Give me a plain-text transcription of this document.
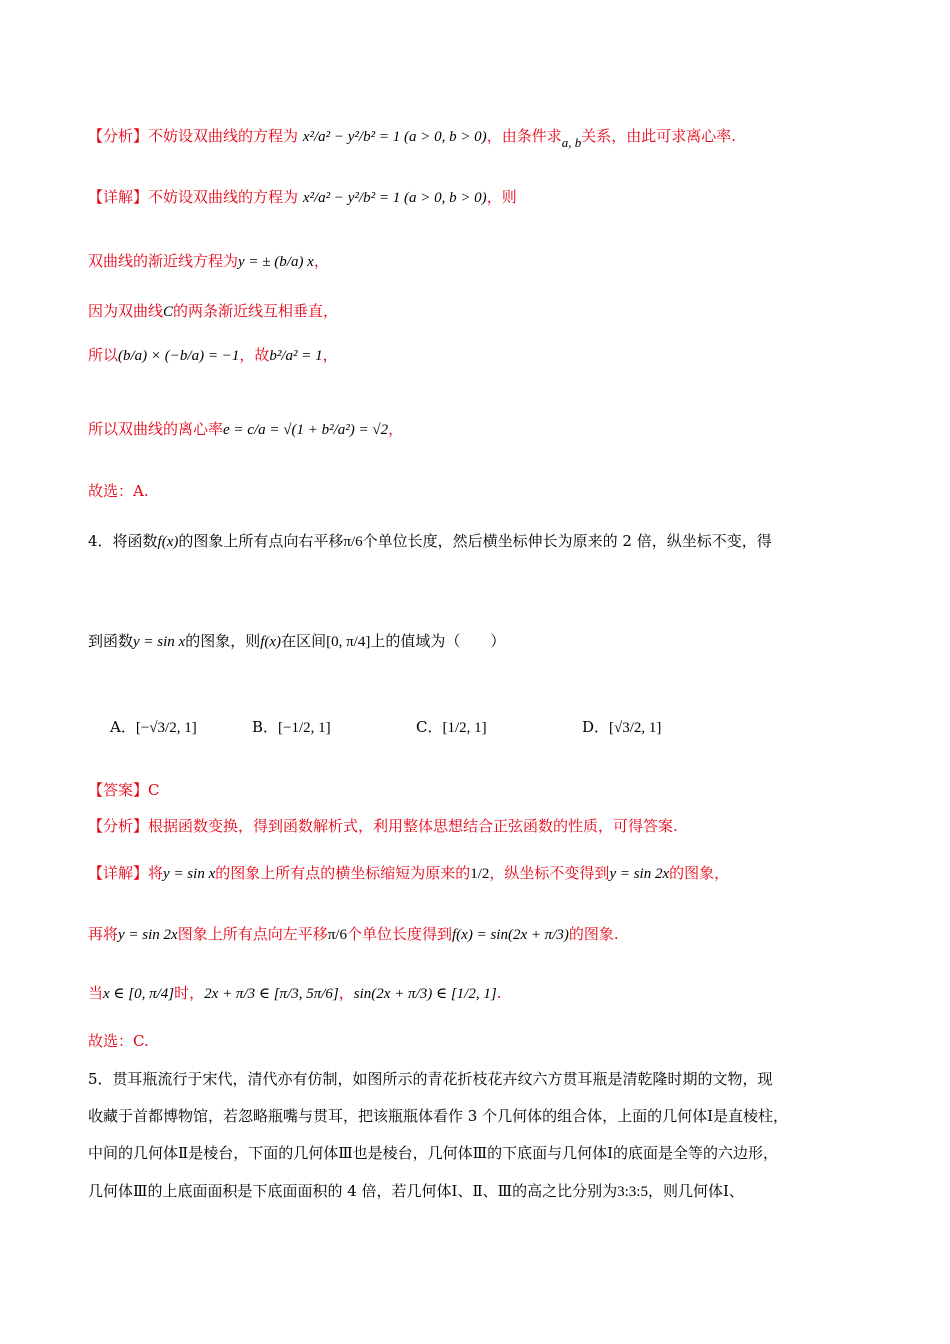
【分析】不妨设双曲线的方程为 x²/a² − y²/b² = 1 (a > 0, b > 0)，由条件求a, b关系，由此可求离心率.
【详解】不妨设双曲线的方程为 x²/a² − y²/b² = 1 (a > 0, b > 0)，则
双曲线的渐近线方程为y = ± (b/a) x，
因为双曲线C的两条渐近线互相垂直，
所以(b/a) × (−b/a) = −1，故b²/a² = 1，
所以双曲线的离心率e = c/a = √(1 + b²/a²) = √2，
故选：A.
4．将函数f(x)的图象上所有点向右平移π/6个单位长度，然后横坐标伸长为原来的 2 倍，纵坐标不变，得
到函数y = sin x的图象，则f(x)在区间[0, π/4]上的值域为（　　）
A．[−√3/2, 1]	B．[−1/2, 1]	C．[1/2, 1]	D．[√3/2, 1]
【答案】C
【分析】根据函数变换，得到函数解析式，利用整体思想结合正弦函数的性质，可得答案.
【详解】将y = sin x的图象上所有点的横坐标缩短为原来的1/2，纵坐标不变得到y = sin 2x的图象，
再将y = sin 2x图象上所有点向左平移π/6个单位长度得到f(x) = sin(2x + π/3)的图象.
当x ∈ [0, π/4]时，2x + π/3 ∈ [π/3, 5π/6]，sin(2x + π/3) ∈ [1/2, 1].
故选：C.
5．贯耳瓶流行于宋代，清代亦有仿制，如图所示的青花折枝花卉纹六方贯耳瓶是清乾隆时期的文物，现
收藏于首都博物馆，若忽略瓶嘴与贯耳，把该瓶瓶体看作 3 个几何体的组合体，上面的几何体Ⅰ是直棱柱，
中间的几何体Ⅱ是棱台，下面的几何体Ⅲ也是棱台，几何体Ⅲ的下底面与几何体Ⅰ的底面是全等的六边形，
几何体Ⅲ的上底面面积是下底面面积的 4 倍，若几何体Ⅰ、Ⅱ、Ⅲ的高之比分别为3:3:5，则几何体Ⅰ、
